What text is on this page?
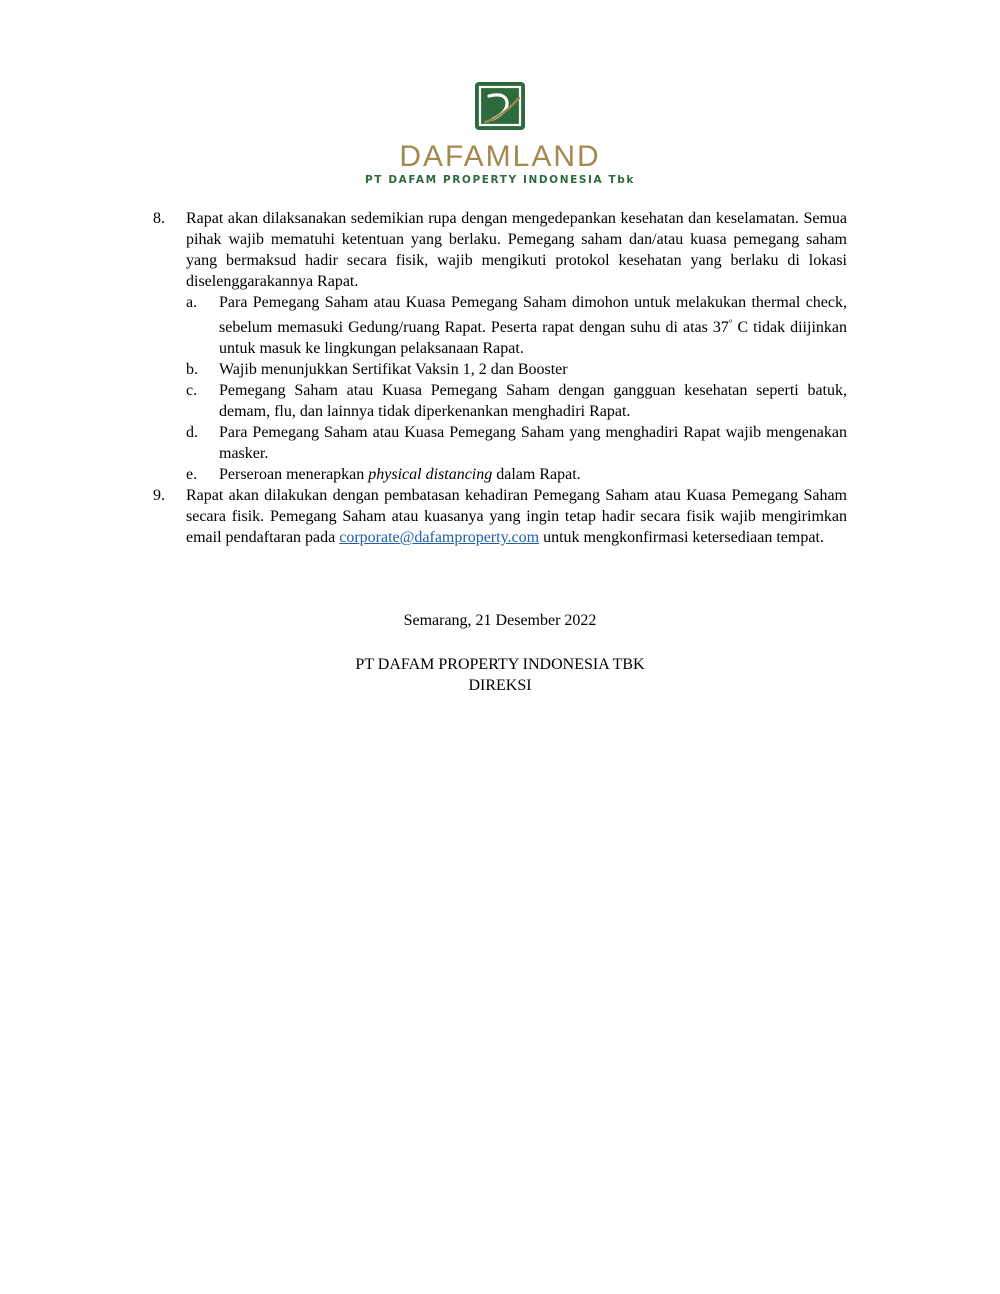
DAFAMLAND
PT DAFAM PROPERTY INDONESIA Tbk
8. Rapat akan dilaksanakan sedemikian rupa dengan mengedepankan kesehatan dan keselamatan. Semua pihak wajib mematuhi ketentuan yang berlaku. Pemegang saham dan/atau kuasa pemegang saham yang bermaksud hadir secara fisik, wajib mengikuti protokol kesehatan yang berlaku di lokasi diselenggarakannya Rapat.
a. Para Pemegang Saham atau Kuasa Pemegang Saham dimohon untuk melakukan thermal check, sebelum memasuki Gedung/ruang Rapat. Peserta rapat dengan suhu di atas 37° C tidak diijinkan untuk masuk ke lingkungan pelaksanaan Rapat.
b. Wajib menunjukkan Sertifikat Vaksin 1, 2 dan Booster
c. Pemegang Saham atau Kuasa Pemegang Saham dengan gangguan kesehatan seperti batuk, demam, flu, dan lainnya tidak diperkenankan menghadiri Rapat.
d. Para Pemegang Saham atau Kuasa Pemegang Saham yang menghadiri Rapat wajib mengenakan masker.
e. Perseroan menerapkan physical distancing dalam Rapat.
9. Rapat akan dilakukan dengan pembatasan kehadiran Pemegang Saham atau Kuasa Pemegang Saham secara fisik. Pemegang Saham atau kuasanya yang ingin tetap hadir secara fisik wajib mengirimkan email pendaftaran pada corporate@dafamproperty.com untuk mengkonfirmasi ketersediaan tempat.
Semarang, 21 Desember 2022
PT DAFAM PROPERTY INDONESIA TBK
DIREKSI
